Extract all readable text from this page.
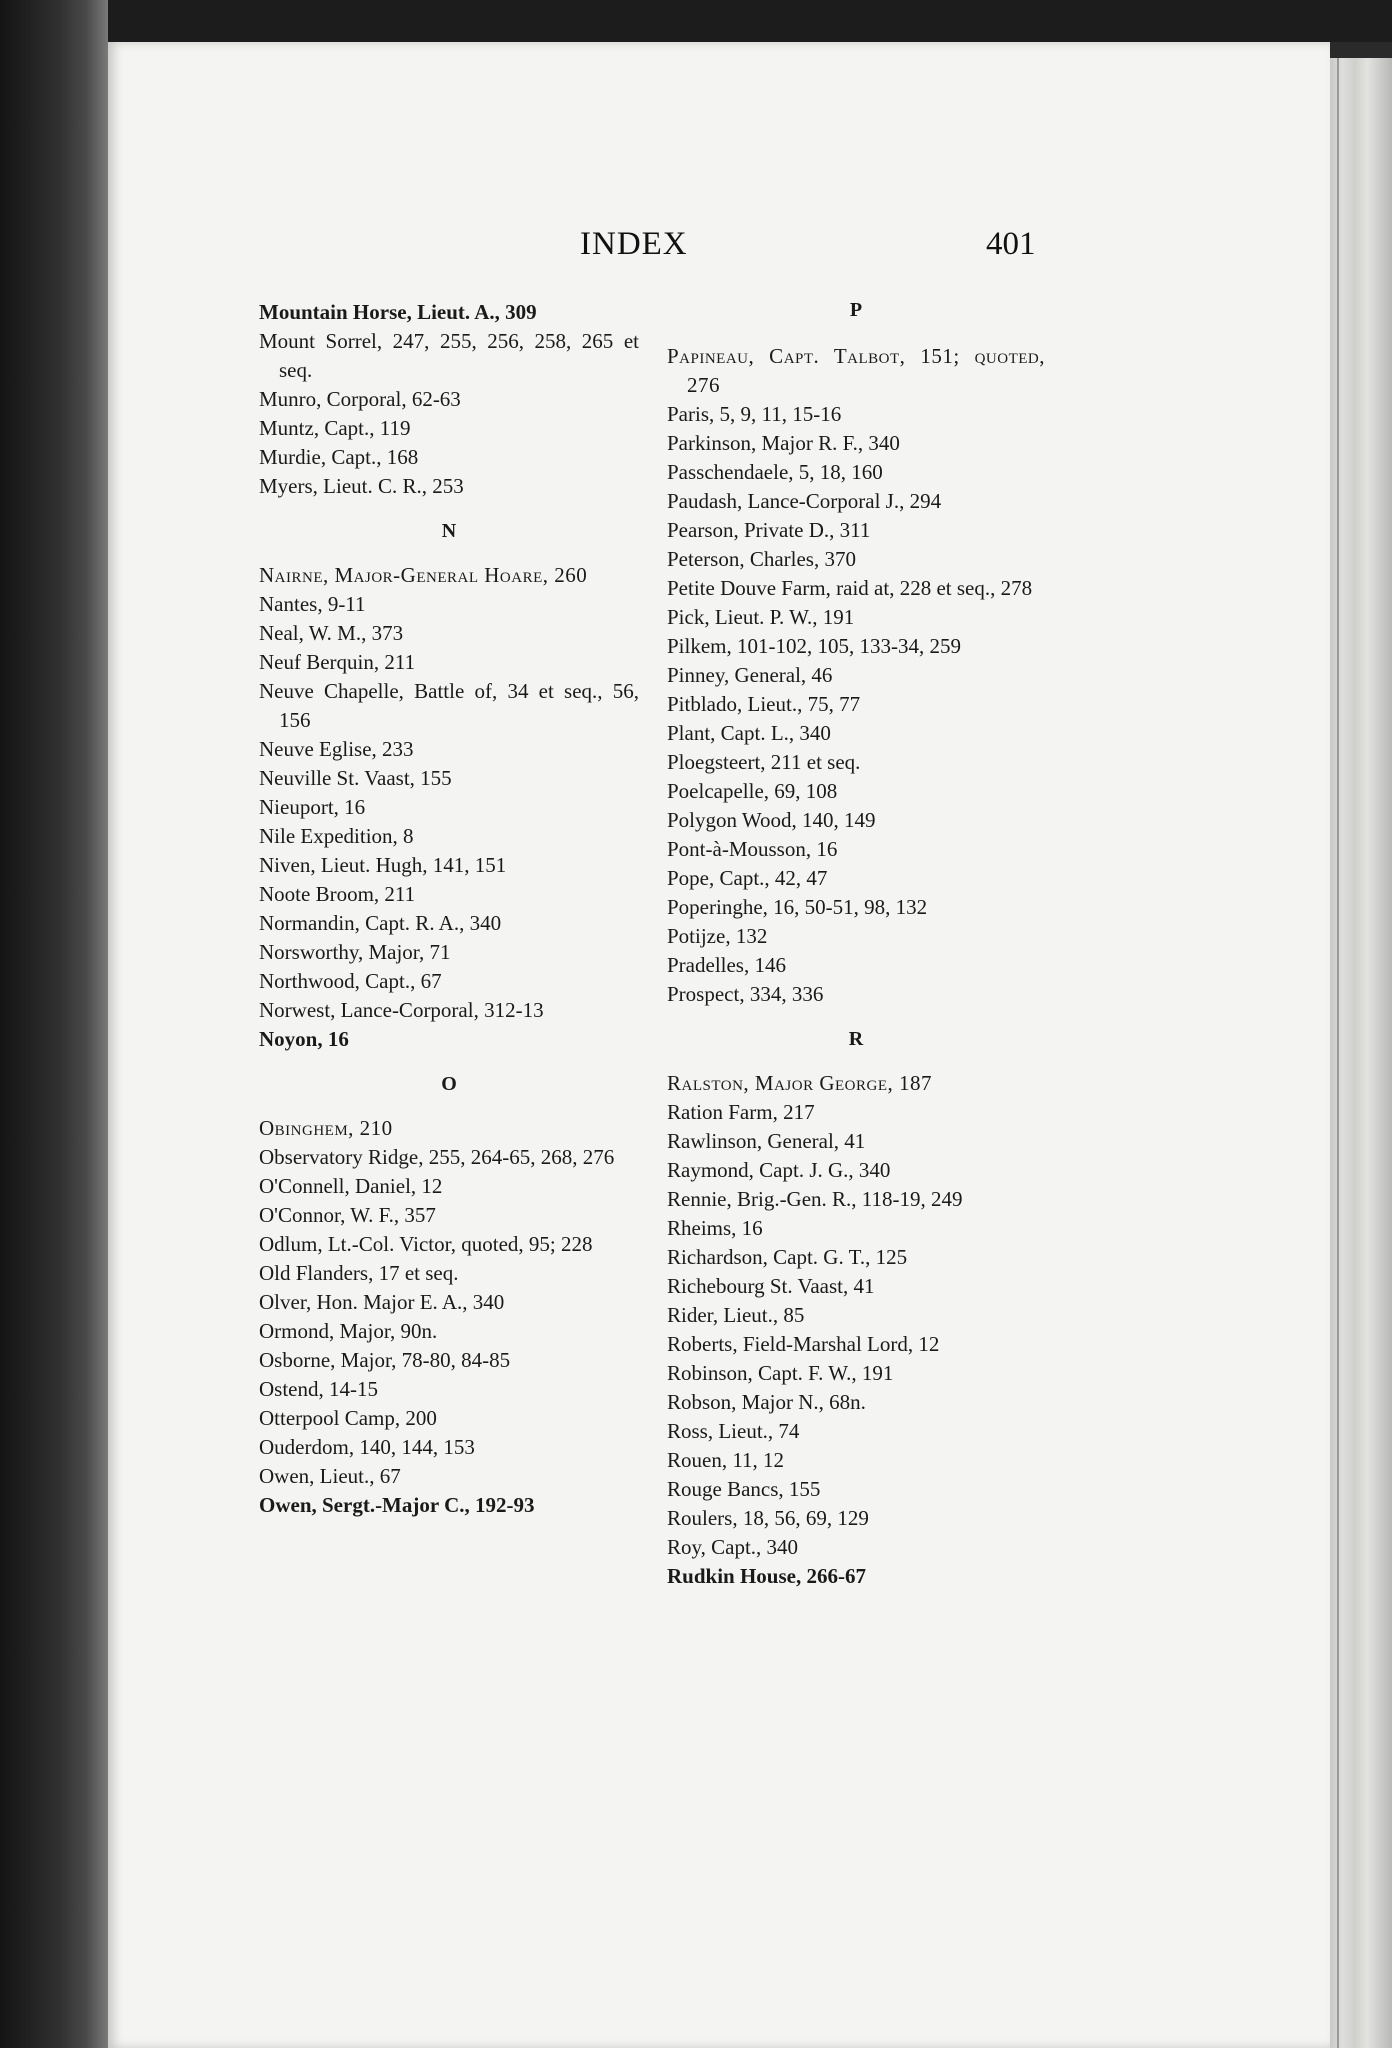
INDEX	401
Mountain Horse, Lieut. A., 309
Mount Sorrel, 247, 255, 256, 258, 265 et seq.
Munro, Corporal, 62-63
Muntz, Capt., 119
Murdie, Capt., 168
Myers, Lieut. C. R., 253
N
Nairne, Major-General Hoare, 260
Nantes, 9-11
Neal, W. M., 373
Neuf Berquin, 211
Neuve Chapelle, Battle of, 34 et seq., 56, 156
Neuve Eglise, 233
Neuville St. Vaast, 155
Nieuport, 16
Nile Expedition, 8
Niven, Lieut. Hugh, 141, 151
Noote Broom, 211
Normandin, Capt. R. A., 340
Norsworthy, Major, 71
Northwood, Capt., 67
Norwest, Lance-Corporal, 312-13
Noyon, 16
O
Obinghem, 210
Observatory Ridge, 255, 264-65, 268, 276
O'Connell, Daniel, 12
O'Connor, W. F., 357
Odlum, Lt.-Col. Victor, quoted, 95; 228
Old Flanders, 17 et seq.
Olver, Hon. Major E. A., 340
Ormond, Major, 90n.
Osborne, Major, 78-80, 84-85
Ostend, 14-15
Otterpool Camp, 200
Ouderdom, 140, 144, 153
Owen, Lieut., 67
Owen, Sergt.-Major C., 192-93
P
Papineau, Capt. Talbot, 151; quoted, 276
Paris, 5, 9, 11, 15-16
Parkinson, Major R. F., 340
Passchendaele, 5, 18, 160
Paudash, Lance-Corporal J., 294
Pearson, Private D., 311
Peterson, Charles, 370
Petite Douve Farm, raid at, 228 et seq., 278
Pick, Lieut. P. W., 191
Pilkem, 101-102, 105, 133-34, 259
Pinney, General, 46
Pitblado, Lieut., 75, 77
Plant, Capt. L., 340
Ploegsteert, 211 et seq.
Poelcapelle, 69, 108
Polygon Wood, 140, 149
Pont-à-Mousson, 16
Pope, Capt., 42, 47
Poperinghe, 16, 50-51, 98, 132
Potijze, 132
Pradelles, 146
Prospect, 334, 336
R
Ralston, Major George, 187
Ration Farm, 217
Rawlinson, General, 41
Raymond, Capt. J. G., 340
Rennie, Brig.-Gen. R., 118-19, 249
Rheims, 16
Richardson, Capt. G. T., 125
Richebourg St. Vaast, 41
Rider, Lieut., 85
Roberts, Field-Marshal Lord, 12
Robinson, Capt. F. W., 191
Robson, Major N., 68n.
Ross, Lieut., 74
Rouen, 11, 12
Rouge Bancs, 155
Roulers, 18, 56, 69, 129
Roy, Capt., 340
Rudkin House, 266-67
